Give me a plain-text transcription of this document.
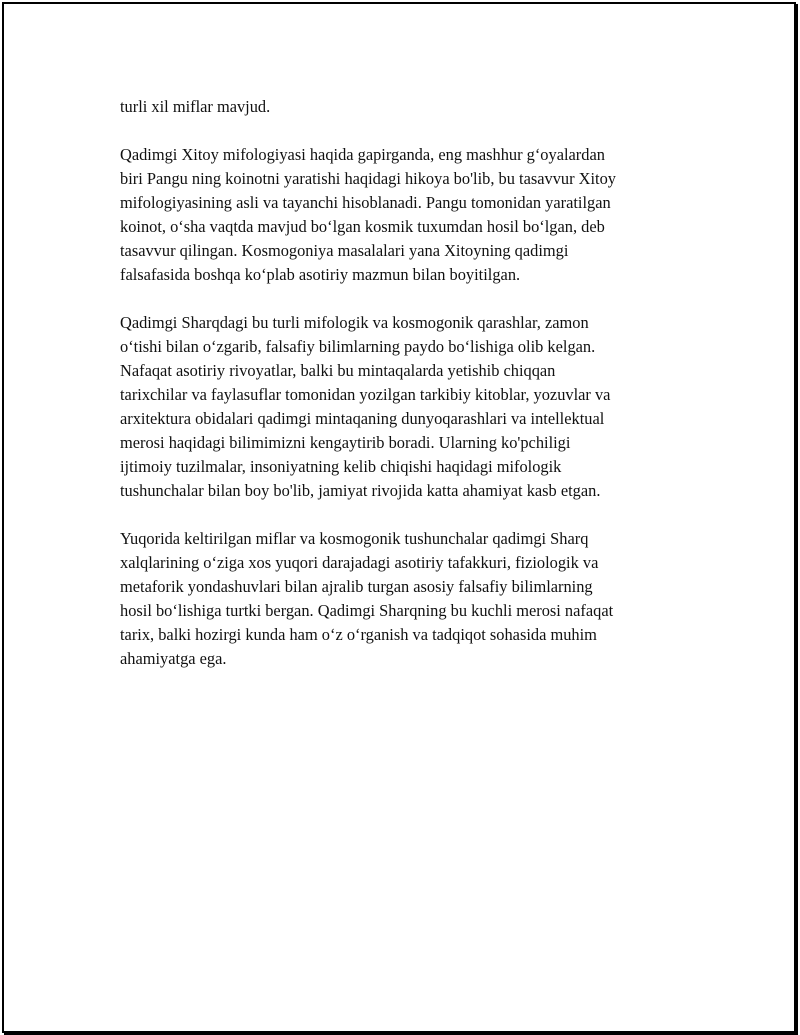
turli xil miflar mavjud.

Qadimgi Xitoy mifologiyasi haqida gapirganda, eng mashhur g‘oyalardan
biri Pangu ning koinotni yaratishi haqidagi hikoya bo'lib, bu tasavvur Xitoy
mifologiyasining asli va tayanchi hisoblanadi. Pangu tomonidan yaratilgan
koinot, o‘sha vaqtda mavjud bo‘lgan kosmik tuxumdan hosil bo‘lgan, deb
tasavvur qilingan. Kosmogoniya masalalari yana Xitoyning qadimgi
falsafasida boshqa ko‘plab asotiriy mazmun bilan boyitilgan.

Qadimgi Sharqdagi bu turli mifologik va kosmogonik qarashlar, zamon
o‘tishi bilan o‘zgarib, falsafiy bilimlarning paydo bo‘lishiga olib kelgan.
Nafaqat asotiriy rivoyatlar, balki bu mintaqalarda yetishib chiqqan
tarixchilar va faylasuflar tomonidan yozilgan tarkibiy kitoblar, yozuvlar va
arxitektura obidalari qadimgi mintaqaning dunyoqarashlari va intellektual
merosi haqidagi bilimimizni kengaytirib boradi. Ularning ko'pchiligi
ijtimoiy tuzilmalar, insoniyatning kelib chiqishi haqidagi mifologik
tushunchalar bilan boy bo'lib, jamiyat rivojida katta ahamiyat kasb etgan.

Yuqorida keltirilgan miflar va kosmogonik tushunchalar qadimgi Sharq
xalqlarining o‘ziga xos yuqori darajadagi asotiriy tafakkuri, fiziologik va
metaforik yondashuvlari bilan ajralib turgan asosiy falsafiy bilimlarning
hosil bo‘lishiga turtki bergan. Qadimgi Sharqning bu kuchli merosi nafaqat
tarix, balki hozirgi kunda ham o‘z o‘rganish va tadqiqot sohasida muhim
ahamiyatga ega.
